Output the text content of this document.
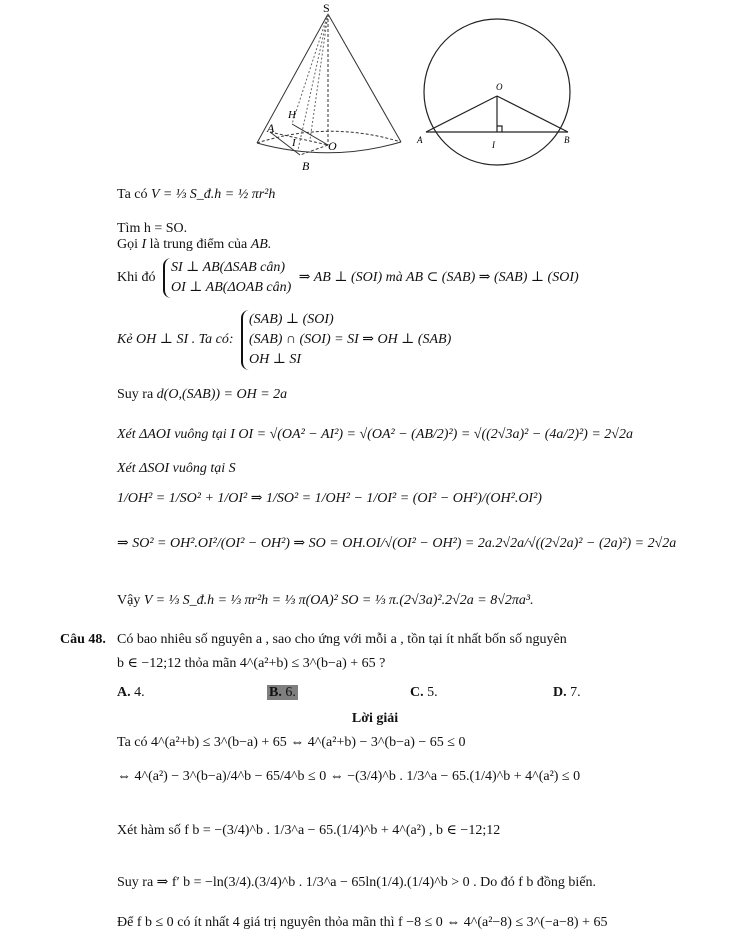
S
H
A
I	O
B
O
A	I	B
Ta có V = ⅓ S_đ.h = ½ πr²h
Tìm h = SO.
Gọi I là trung điểm của AB.
Khi đó SI ⊥ AB(ΔSAB cân)
OI ⊥ AB(ΔOAB cân) ⇒ AB ⊥ (SOI) mà AB ⊂ (SAB) ⇒ (SAB) ⊥ (SOI)
Kẻ OH ⊥ SI . Ta có: (SAB) ⊥ (SOI)
(SAB) ∩ (SOI) = SI ⇒ OH ⊥ (SAB)
OH ⊥ SI
Suy ra d(O,(SAB)) = OH = 2a
Xét ΔAOI vuông tại I OI = √(OA² − AI²) = √(OA² − (AB/2)²) = √((2√3a)² − (4a/2)²) = 2√2a
Xét ΔSOI vuông tại S
1/OH² = 1/SO² + 1/OI² ⇒ 1/SO² = 1/OH² − 1/OI² = (OI² − OH²)/(OH².OI²)
⇒ SO² = OH².OI²/(OI² − OH²) ⇒ SO = OH.OI/√(OI² − OH²) = 2a.2√2a/√((2√2a)² − (2a)²) = 2√2a
Vậy V = ⅓ S_đ.h = ⅓ πr²h = ⅓ π(OA)² SO = ⅓ π.(2√3a)².2√2a = 8√2πa³.
Câu 48. Có bao nhiêu số nguyên a , sao cho ứng với mỗi a , tồn tại ít nhất bốn số nguyên
b ∈ −12;12 thỏa mãn 4^(a²+b) ≤ 3^(b−a) + 65 ?
A. 4.	B. 6.	C. 5.	D. 7.
Lời giải
Ta có 4^(a²+b) ≤ 3^(b−a) + 65 ⇔ 4^(a²+b) − 3^(b−a) − 65 ≤ 0
⇔ 4^(a²) − 3^(b−a)/4^b − 65/4^b ≤ 0 ⇔ −(3/4)^b . 1/3^a − 65.(1/4)^b + 4^(a²) ≤ 0
Xét hàm số f b = −(3/4)^b . 1/3^a − 65.(1/4)^b + 4^(a²) , b ∈ −12;12
Suy ra ⇒ f′ b = −ln(3/4).(3/4)^b . 1/3^a − 65ln(1/4).(1/4)^b > 0 . Do đó f b đồng biến.
Để f b ≤ 0 có ít nhất 4 giá trị nguyên thỏa mãn thì f −8 ≤ 0 ⇔ 4^(a²−8) ≤ 3^(−a−8) + 65
